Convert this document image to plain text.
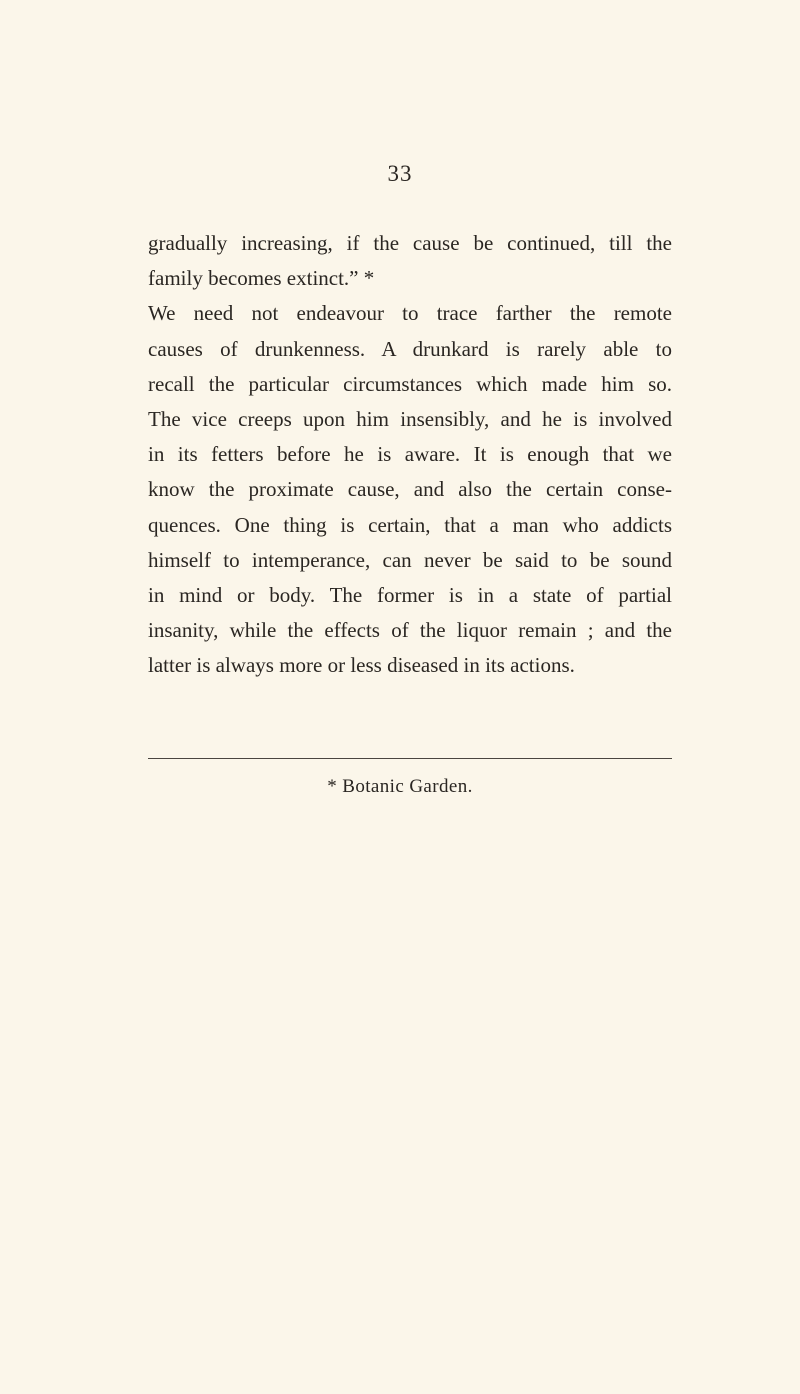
33
gradually increasing, if the cause be continued, till the
family becomes extinct.” *
We need not endeavour to trace farther the remote
causes of drunkenness. A drunkard is rarely able to
recall the particular circumstances which made him so.
The vice creeps upon him insensibly, and he is involved
in its fetters before he is aware. It is enough that we
know the proximate cause, and also the certain conse-
quences. One thing is certain, that a man who addicts
himself to intemperance, can never be said to be sound
in mind or body. The former is in a state of partial
insanity, while the effects of the liquor remain ; and the
latter is always more or less diseased in its actions.
* Botanic Garden.
